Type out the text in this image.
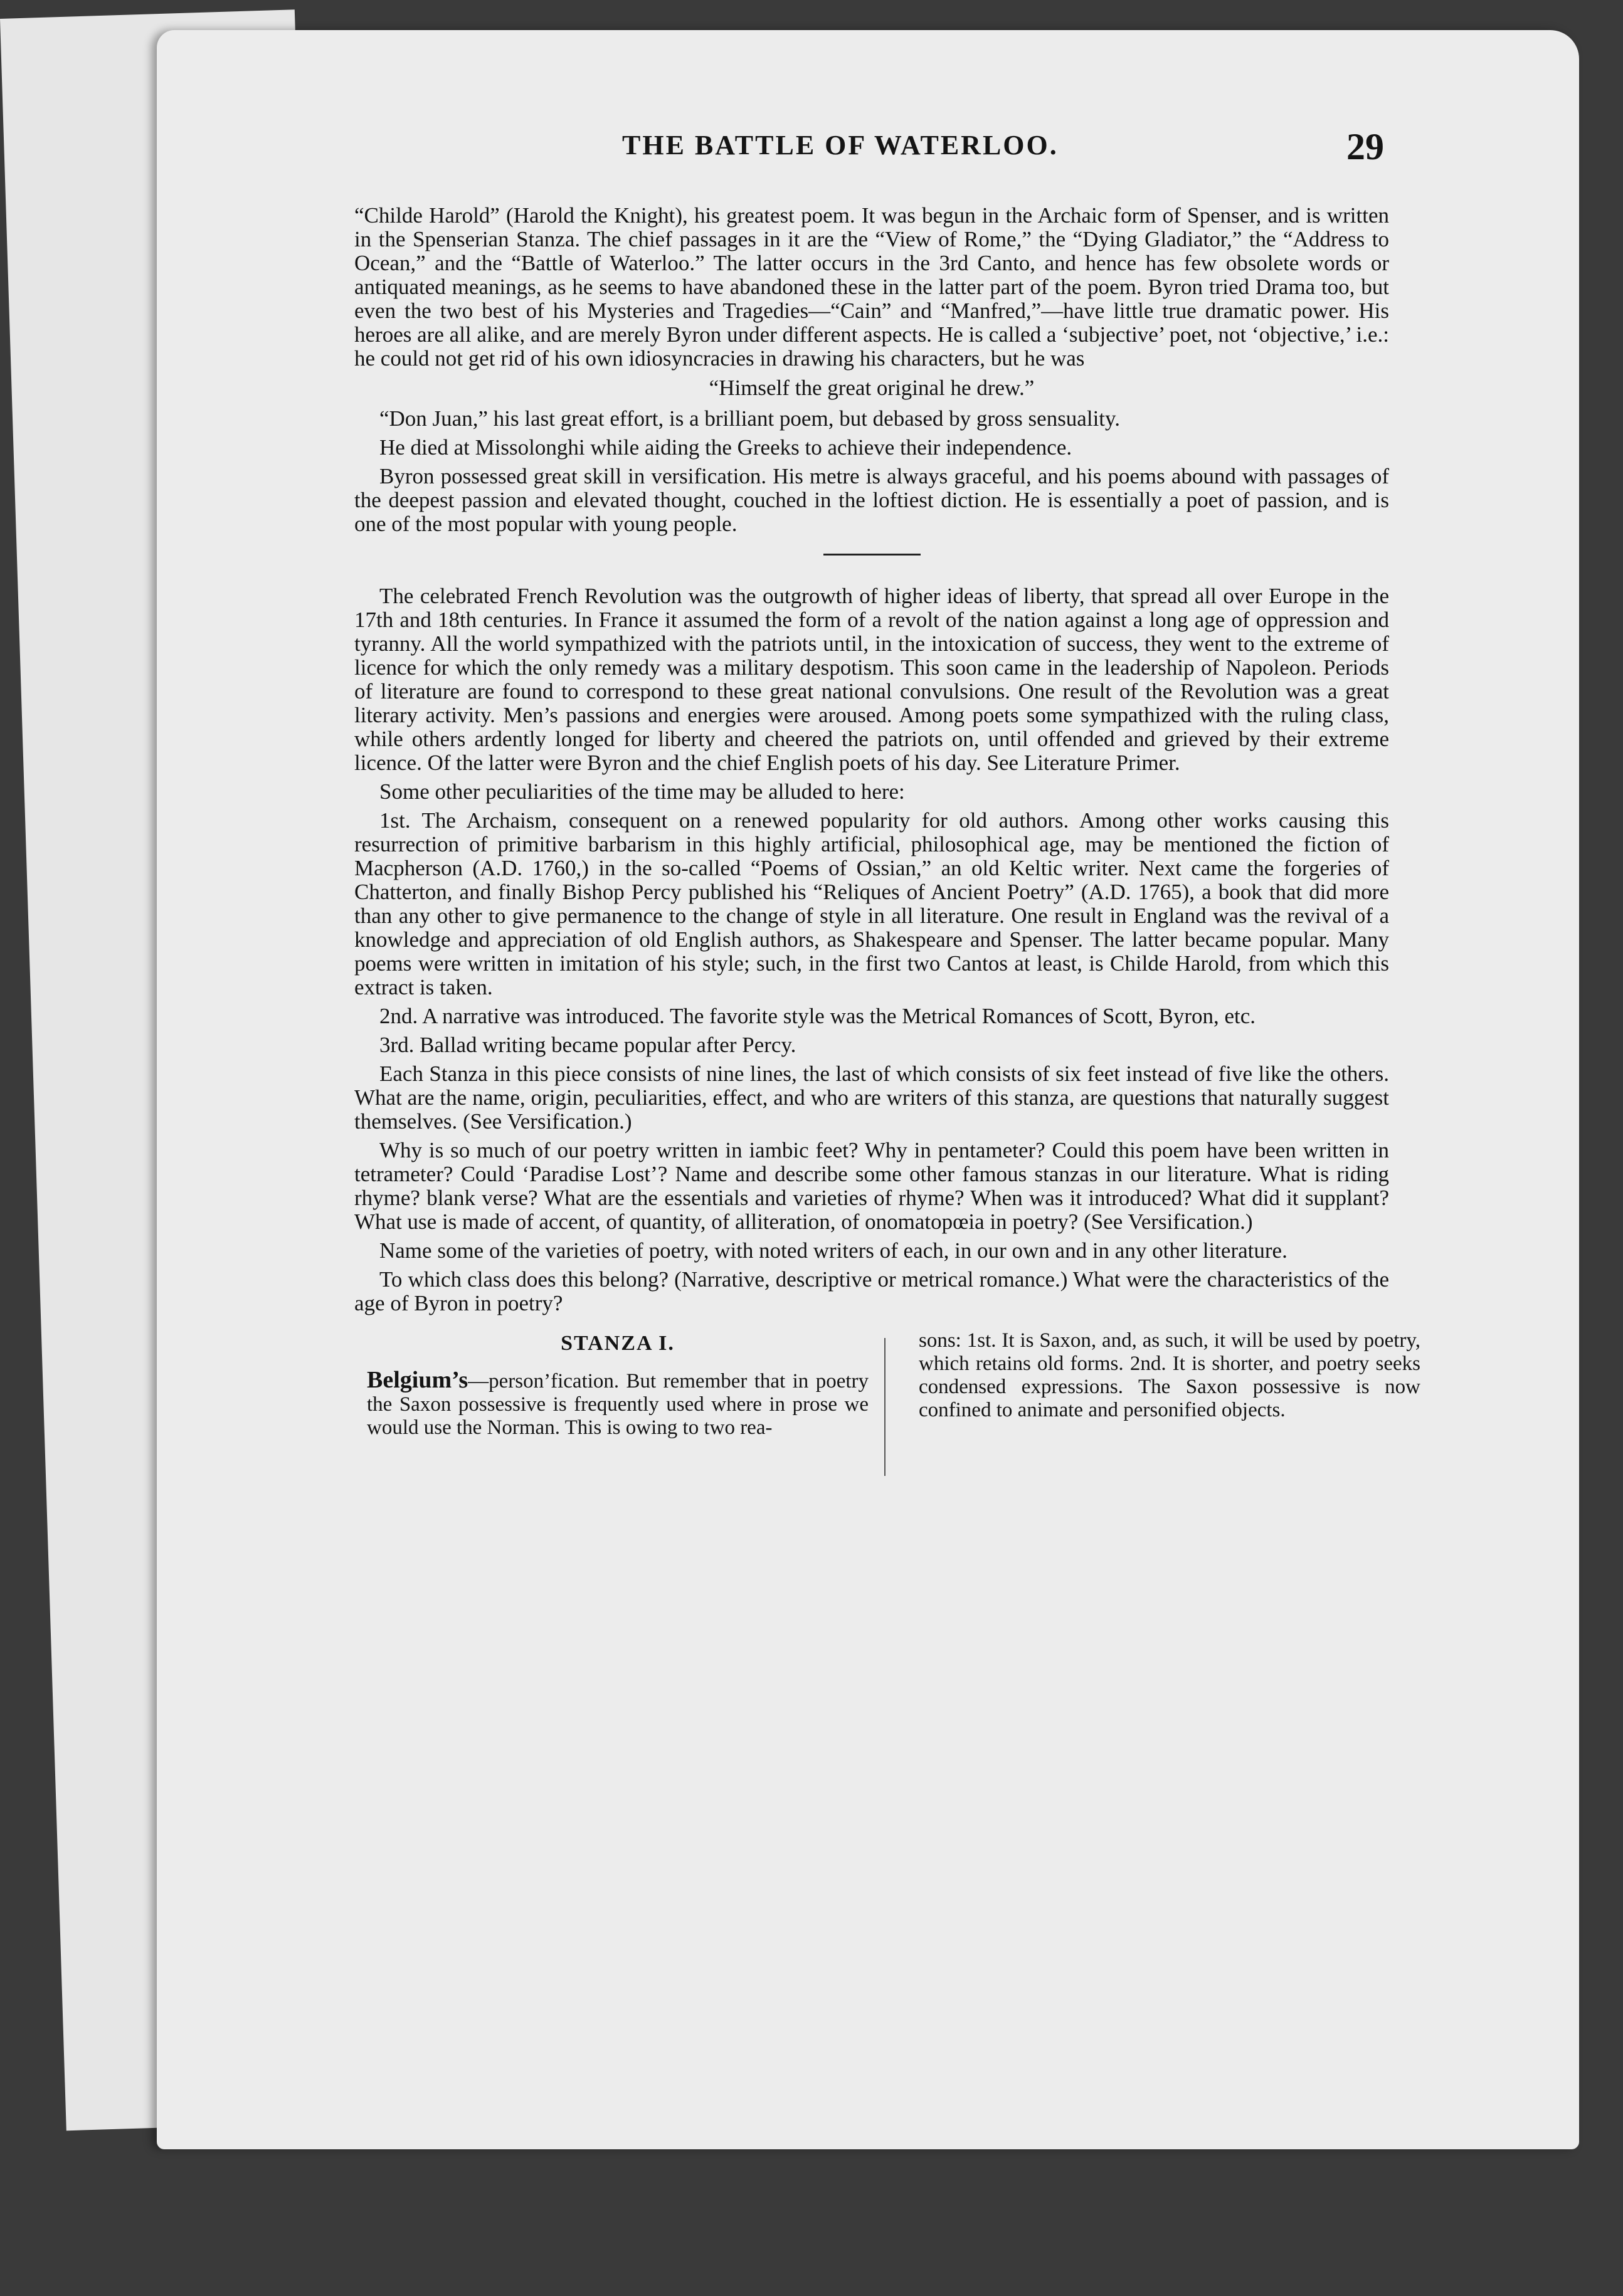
THE BATTLE OF WATERLOO.	29

“Childe Harold” (Harold the Knight), his greatest poem. It was begun in the Archaic form of Spenser, and is written in the Spenserian Stanza. The chief passages in it are the “View of Rome,” the “Dying Gladiator,” the “Address to Ocean,” and the “Battle of Waterloo.” The latter occurs in the 3rd Canto, and hence has few obsolete words or antiquated meanings, as he seems to have abandoned these in the latter part of the poem. Byron tried Drama too, but even the two best of his Mysteries and Tragedies—“Cain” and “Manfred,”—have little true dramatic power. His heroes are all alike, and are merely Byron under different aspects. He is called a ‘subjective’ poet, not ‘objective,’ i.e.: he could not get rid of his own idiosyncracies in drawing his characters, but he was

“Himself the great original he drew.”

“Don Juan,” his last great effort, is a brilliant poem, but debased by gross sensuality.

He died at Missolonghi while aiding the Greeks to achieve their independence.

Byron possessed great skill in versification. His metre is always graceful, and his poems abound with passages of the deepest passion and elevated thought, couched in the loftiest diction. He is essentially a poet of passion, and is one of the most popular with young people.

The celebrated French Revolution was the outgrowth of higher ideas of liberty, that spread all over Europe in the 17th and 18th centuries. In France it assumed the form of a revolt of the nation against a long age of oppression and tyranny. All the world sympathized with the patriots until, in the intoxication of success, they went to the extreme of licence for which the only remedy was a military despotism. This soon came in the leadership of Napoleon. Periods of literature are found to correspond to these great national convulsions. One result of the Revolution was a great literary activity. Men’s passions and energies were aroused. Among poets some sympathized with the ruling class, while others ardently longed for liberty and cheered the patriots on, until offended and grieved by their extreme licence. Of the latter were Byron and the chief English poets of his day. See Literature Primer.

Some other peculiarities of the time may be alluded to here:

1st. The Archaism, consequent on a renewed popularity for old authors. Among other works causing this resurrection of primitive barbarism in this highly artificial, philosophical age, may be mentioned the fiction of Macpherson (A.D. 1760,) in the so-called “Poems of Ossian,” an old Keltic writer. Next came the forgeries of Chatterton, and finally Bishop Percy published his “Reliques of Ancient Poetry” (A.D. 1765), a book that did more than any other to give permanence to the change of style in all literature. One result in England was the revival of a knowledge and appreciation of old English authors, as Shakespeare and Spenser. The latter became popular. Many poems were written in imitation of his style; such, in the first two Cantos at least, is Childe Harold, from which this extract is taken.

2nd. A narrative was introduced. The favorite style was the Metrical Romances of Scott, Byron, etc.

3rd. Ballad writing became popular after Percy.

Each Stanza in this piece consists of nine lines, the last of which consists of six feet instead of five like the others. What are the name, origin, peculiarities, effect, and who are writers of this stanza, are questions that naturally suggest themselves. (See Versification.)

Why is so much of our poetry written in iambic feet? Why in pentameter? Could this poem have been written in tetrameter? Could ‘Paradise Lost’? Name and describe some other famous stanzas in our literature. What is riding rhyme? blank verse? What are the essentials and varieties of rhyme? When was it introduced? What did it supplant? What use is made of accent, of quantity, of alliteration, of onomatopœia in poetry? (See Versification.)

Name some of the varieties of poetry, with noted writers of each, in our own and in any other literature.

To which class does this belong? (Narrative, descriptive or metrical romance.) What were the characteristics of the age of Byron in poetry?

STANZA I.
Belgium’s—person’fication. But remember that in poetry the Saxon possessive is frequently used where in prose we would use the Norman. This is owing to two rea-
sons: 1st. It is Saxon, and, as such, it will be used by poetry, which retains old forms. 2nd. It is shorter, and poetry seeks condensed expressions. The Saxon possessive is now confined to animate and personified objects.
